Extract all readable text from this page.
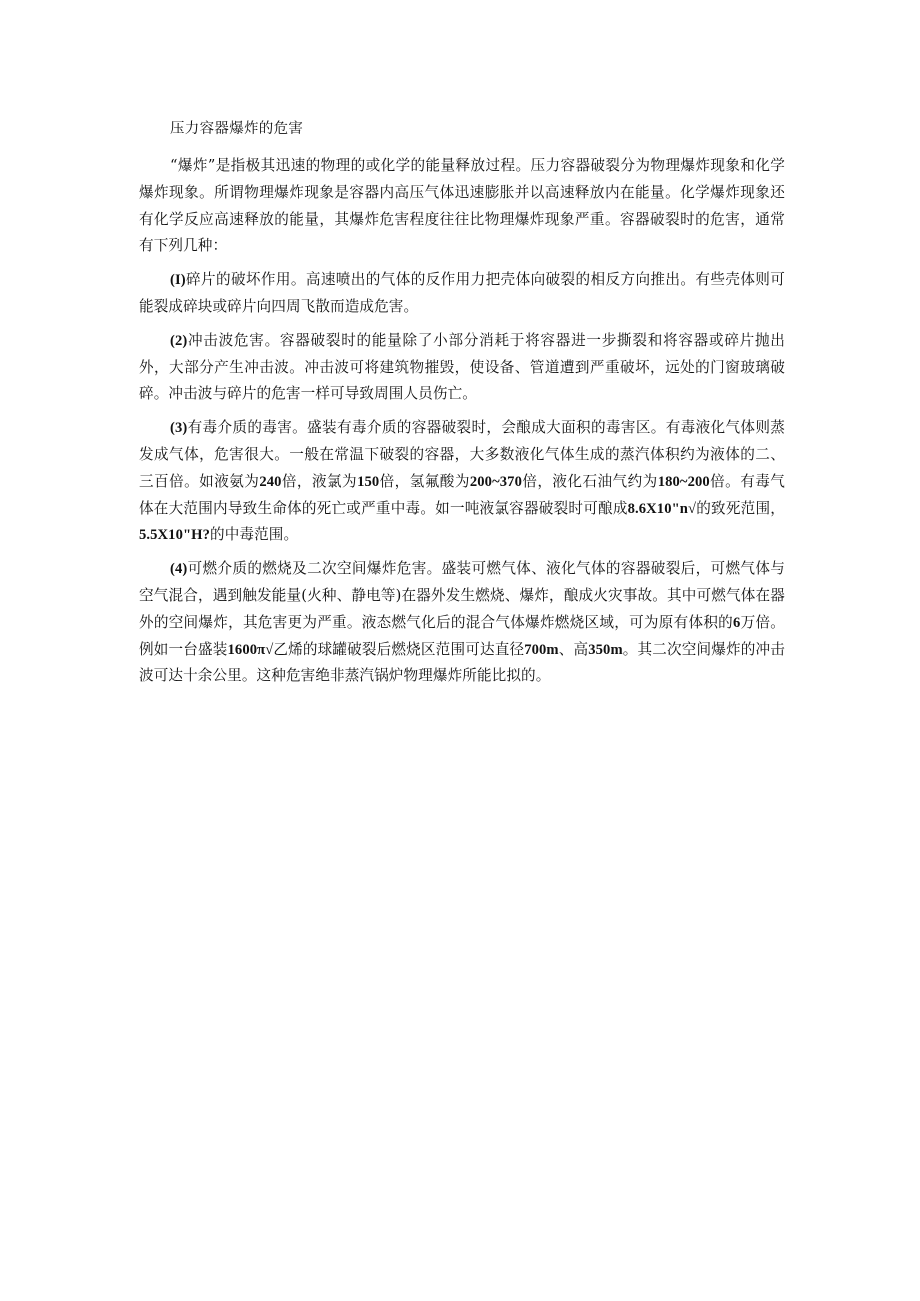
压力容器爆炸的危害

“爆炸”是指极其迅速的物理的或化学的能量释放过程。压力容器破裂分为物理爆炸现象和化学爆炸现象。所谓物理爆炸现象是容器内高压气体迅速膨胀并以高速释放内在能量。化学爆炸现象还有化学反应高速释放的能量，其爆炸危害程度往往比物理爆炸现象严重。容器破裂时的危害，通常有下列几种：

(I)碎片的破坏作用。高速喷出的气体的反作用力把壳体向破裂的相反方向推出。有些壳体则可能裂成碎块或碎片向四周飞散而造成危害。

(2)冲击波危害。容器破裂时的能量除了小部分消耗于将容器进一步撕裂和将容器或碎片抛出外，大部分产生冲击波。冲击波可将建筑物摧毁，使设备、管道遭到严重破坏，远处的门窗玻璃破碎。冲击波与碎片的危害一样可导致周围人员伤亡。

(3)有毒介质的毒害。盛装有毒介质的容器破裂时，会酿成大面积的毒害区。有毒液化气体则蒸发成气体，危害很大。一般在常温下破裂的容器，大多数液化气体生成的蒸汽体积约为液体的二、三百倍。如液氨为240倍，液氯为150倍，氢氟酸为200~370倍，液化石油气约为180~200倍。有毒气体在大范围内导致生命体的死亡或严重中毒。如一吨液氯容器破裂时可酿成8.6X10"n√的致死范围，5.5X10"H?的中毒范围。

(4)可燃介质的燃烧及二次空间爆炸危害。盛装可燃气体、液化气体的容器破裂后，可燃气体与空气混合，遇到触发能量(火种、静电等)在器外发生燃烧、爆炸，酿成火灾事故。其中可燃气体在器外的空间爆炸，其危害更为严重。液态燃气化后的混合气体爆炸燃烧区域，可为原有体积的6万倍。例如一台盛装1600π√乙烯的球罐破裂后燃烧区范围可达直径700m、高350m。其二次空间爆炸的冲击波可达十余公里。这种危害绝非蒸汽锅炉物理爆炸所能比拟的。
